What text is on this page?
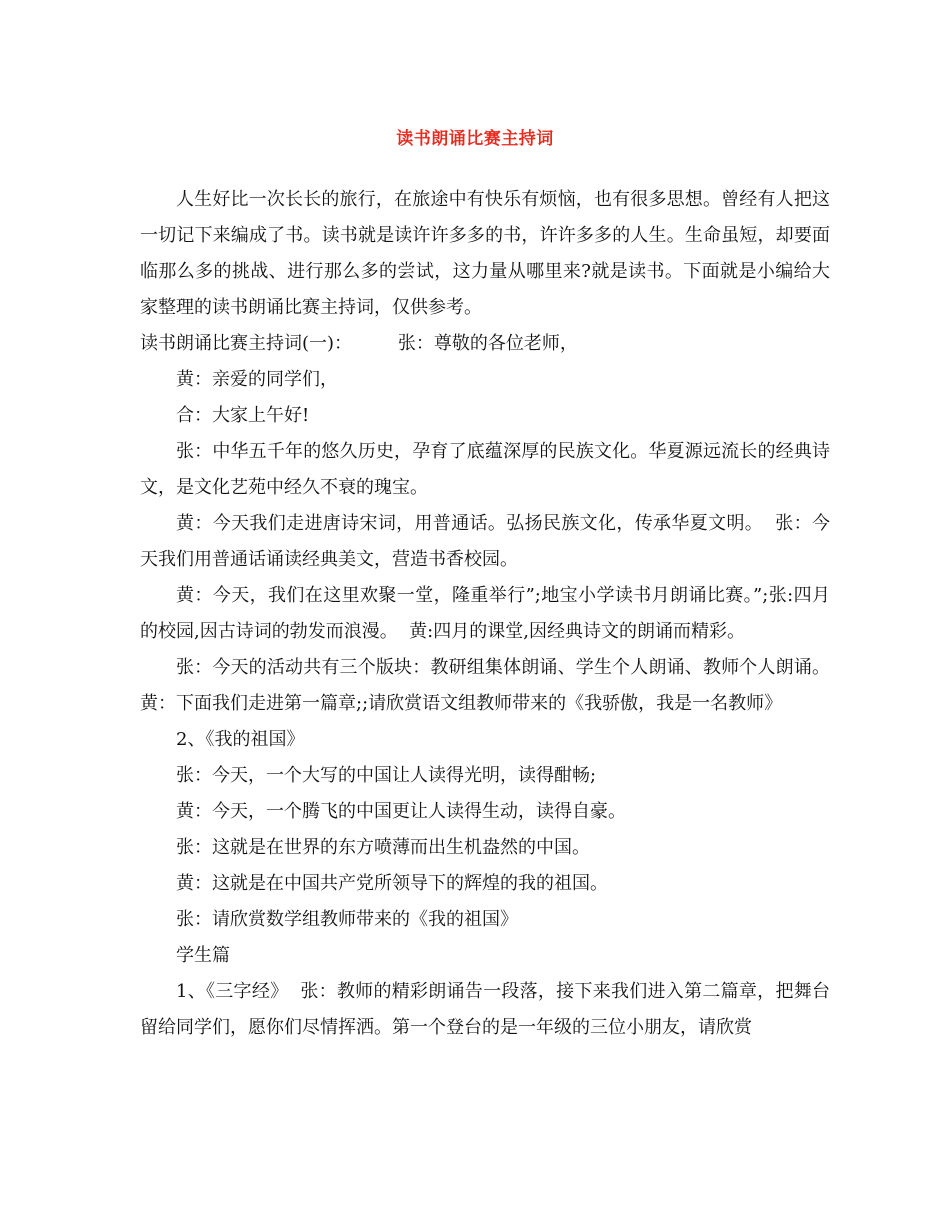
读书朗诵比赛主持词

人生好比一次长长的旅行，在旅途中有快乐有烦恼，也有很多思想。曾经有人把这一切记下来编成了书。读书就是读许许多多的书，许许多多的人生。生命虽短，却要面临那么多的挑战、进行那么多的尝试，这力量从哪里来?就是读书。下面就是小编给大家整理的读书朗诵比赛主持词，仅供参考。

读书朗诵比赛主持词(一)：        张：尊敬的各位老师，

黄：亲爱的同学们，

合：大家上午好!

张：中华五千年的悠久历史，孕育了底蕴深厚的民族文化。华夏源远流长的经典诗文，是文化艺苑中经久不衰的瑰宝。

黄：今天我们走进唐诗宋词，用普通话。弘扬民族文化，传承华夏文明。  张：今天我们用普通话诵读经典美文，营造书香校园。

黄：今天，我们在这里欢聚一堂，隆重举行”;地宝小学读书月朗诵比赛。”;张:四月的校园,因古诗词的勃发而浪漫。  黄:四月的课堂,因经典诗文的朗诵而精彩。

张：今天的活动共有三个版块：教研组集体朗诵、学生个人朗诵、教师个人朗诵。  黄：下面我们走进第一篇章;;请欣赏语文组教师带来的《我骄傲，我是一名教师》

2、《我的祖国》

张：今天，一个大写的中国让人读得光明，读得酣畅;

黄：今天，一个腾飞的中国更让人读得生动，读得自豪。

张：这就是在世界的东方喷薄而出生机盎然的中国。

黄：这就是在中国共产党所领导下的辉煌的我的祖国。

张：请欣赏数学组教师带来的《我的祖国》

学生篇

1、《三字经》  张：教师的精彩朗诵告一段落，接下来我们进入第二篇章，把舞台留给同学们，愿你们尽情挥洒。第一个登台的是一年级的三位小朋友，请欣赏
